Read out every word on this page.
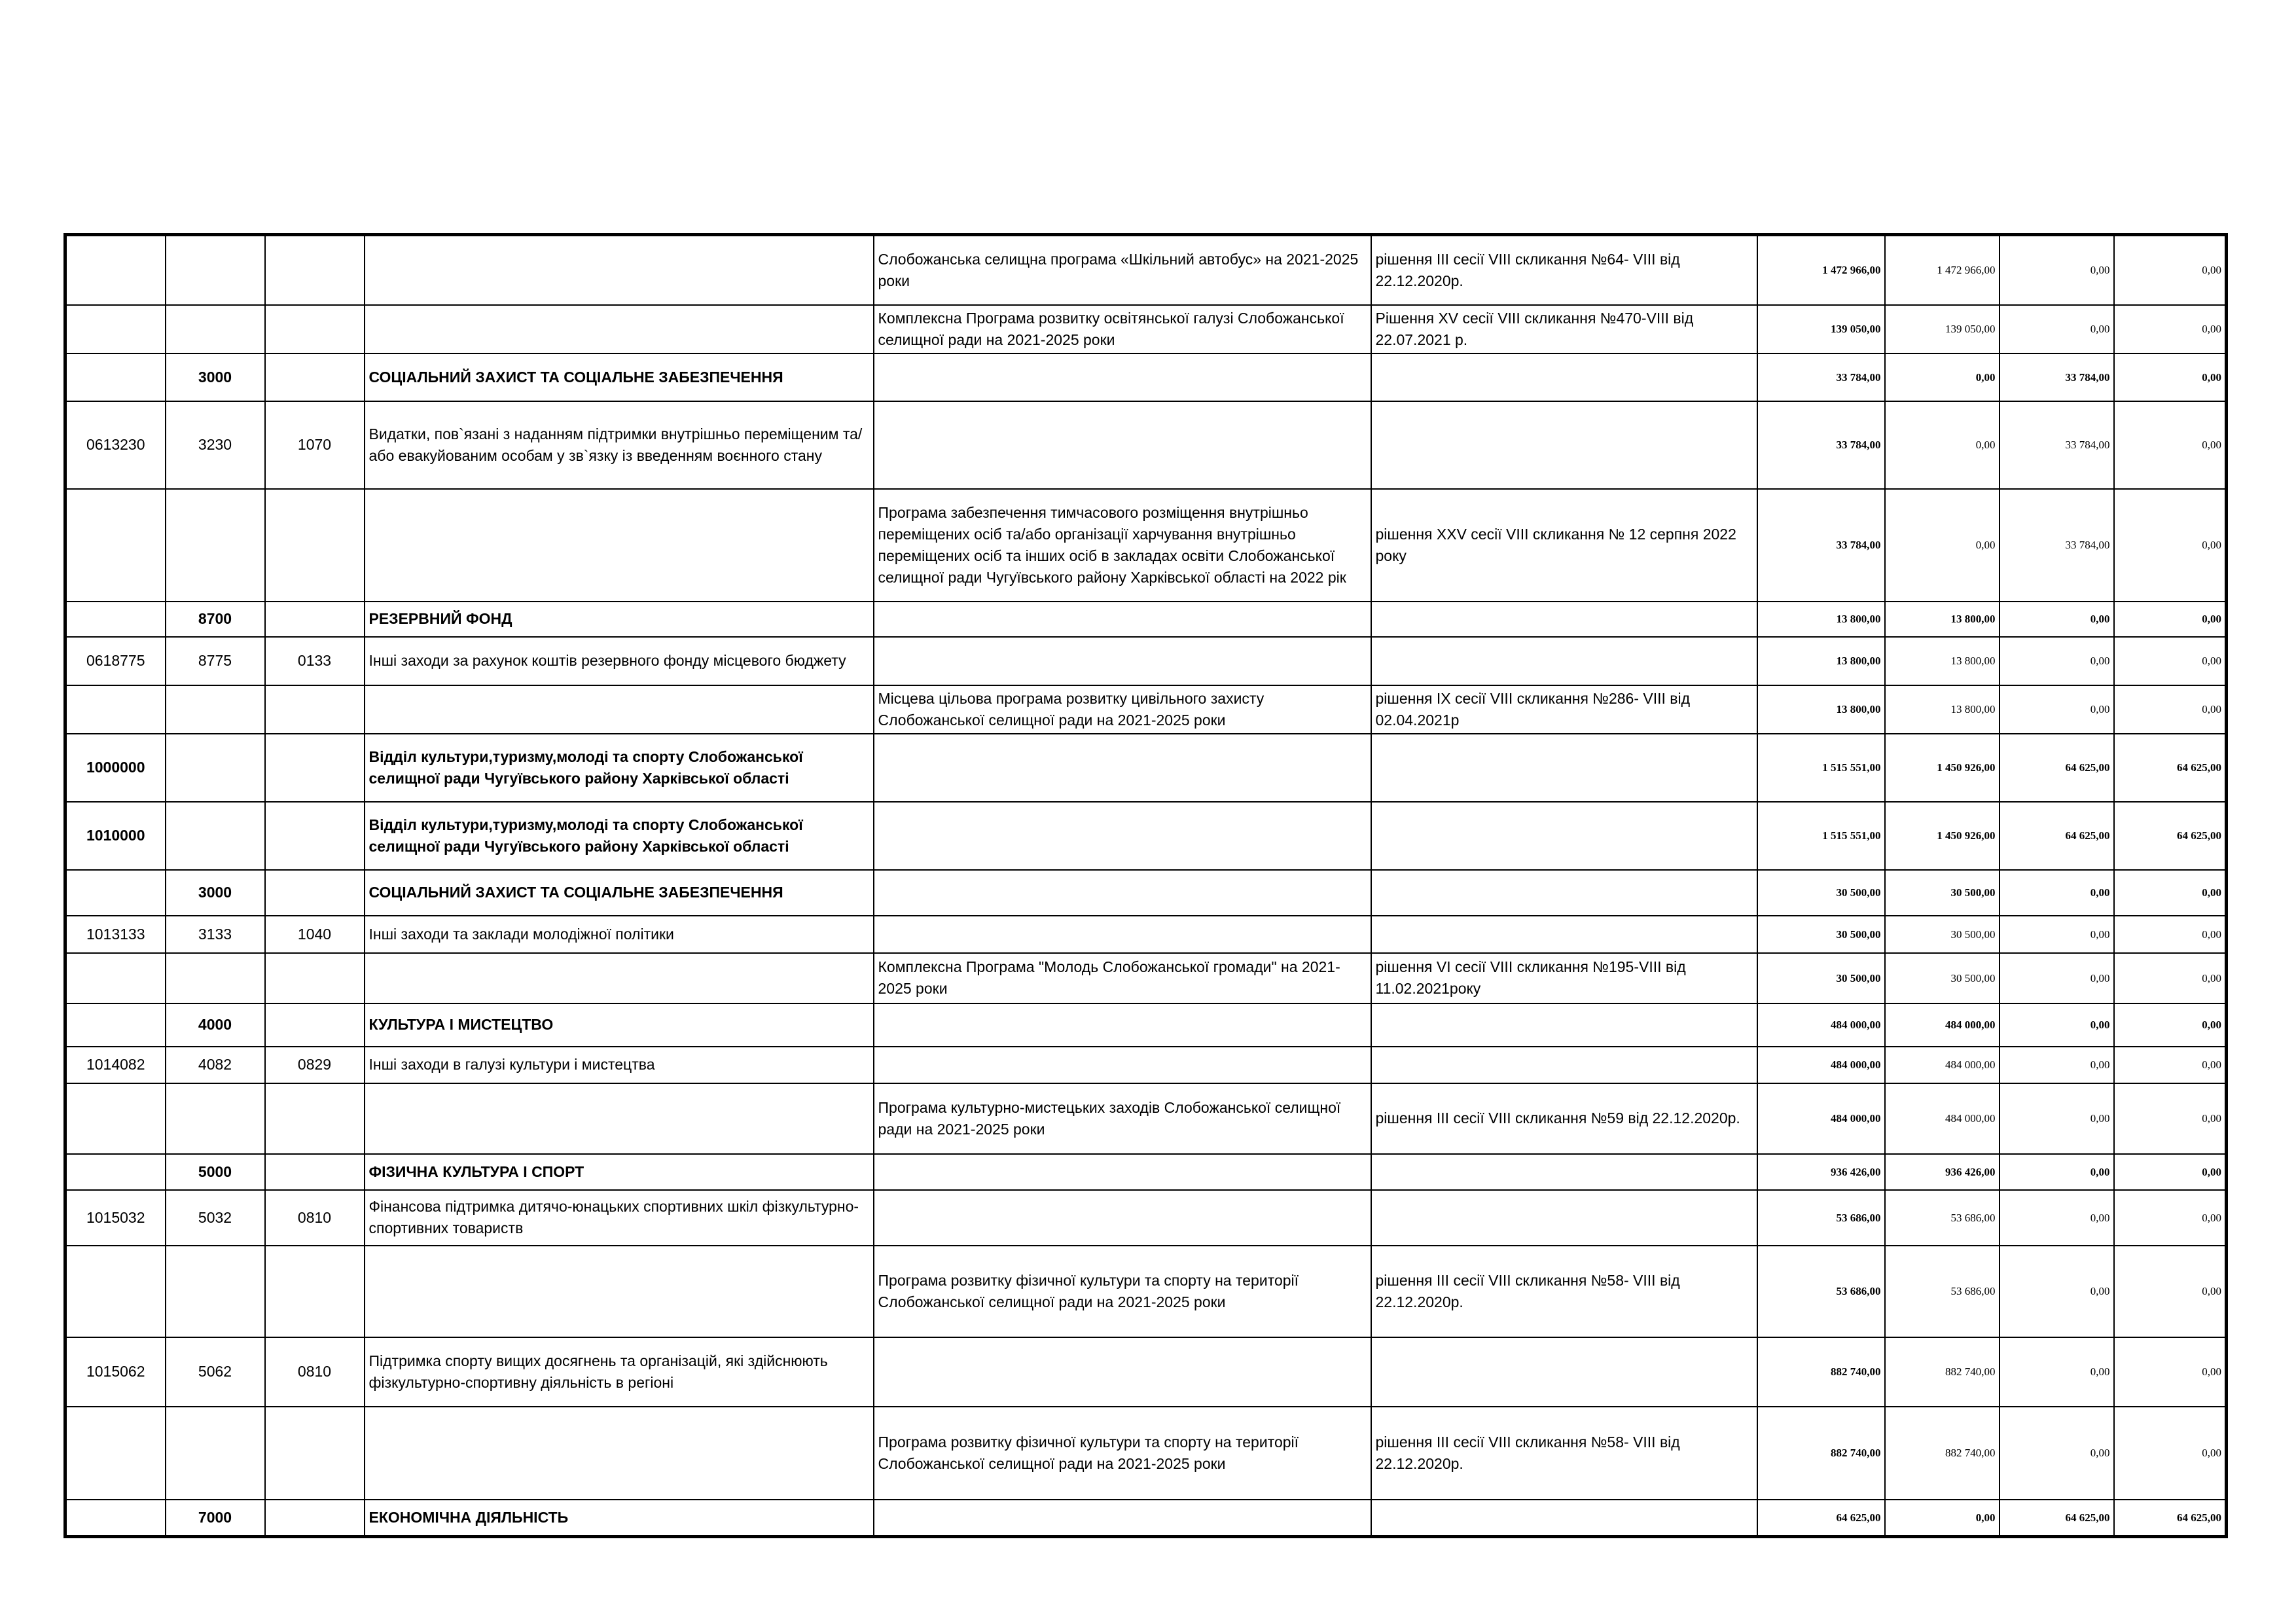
				Слобожанська селищна програма «Шкільний автобус» на 2021-2025 роки	рішення ІІІ сесії VIII скликання №64- VIII від 22.12.2020р.	1 472 966,00	1 472 966,00	0,00	0,00
				Комплексна Програма розвитку освітянської галузі Слобожанської селищної ради на 2021-2025 роки	Рішення XV сесії VIII скликання №470-VIII від 22.07.2021 р.	139 050,00	139 050,00	0,00	0,00
	3000		СОЦІАЛЬНИЙ ЗАХИСТ ТА СОЦІАЛЬНЕ ЗАБЕЗПЕЧЕННЯ			33 784,00	0,00	33 784,00	0,00
0613230	3230	1070	Видатки, пов`язані з наданням підтримки внутрішньо переміщеним та/або евакуйованим особам у зв`язку із введенням воєнного стану			33 784,00	0,00	33 784,00	0,00
				Програма забезпечення тимчасового розміщення внутрішньо переміщених осіб та/або організації харчування внутрішньо переміщених осіб та інших осіб в закладах освіти Слобожанської селищної ради Чугуївського району Харківської області на 2022 рік	рішення XXV сесії VIII скликання № 12 серпня 2022 року	33 784,00	0,00	33 784,00	0,00
	8700		РЕЗЕРВНИЙ ФОНД			13 800,00	13 800,00	0,00	0,00
0618775	8775	0133	Інші заходи за рахунок коштів резервного фонду місцевого бюджету			13 800,00	13 800,00	0,00	0,00
				Місцева цільова програма розвитку цивільного захисту Слобожанської селищної ради на 2021-2025 роки	рішення IX сесії VIII скликання №286- VIII від 02.04.2021р	13 800,00	13 800,00	0,00	0,00
1000000			Відділ культури,туризму,молоді та спорту Слобожанської селищної ради Чугуївського району Харківської області			1 515 551,00	1 450 926,00	64 625,00	64 625,00
1010000			Відділ культури,туризму,молоді та спорту Слобожанської селищної ради Чугуївського району Харківської області			1 515 551,00	1 450 926,00	64 625,00	64 625,00
	3000		СОЦІАЛЬНИЙ ЗАХИСТ ТА СОЦІАЛЬНЕ ЗАБЕЗПЕЧЕННЯ			30 500,00	30 500,00	0,00	0,00
1013133	3133	1040	Інші заходи та заклади молодіжної політики			30 500,00	30 500,00	0,00	0,00
				Комплексна Програма "Молодь Слобожанської громади" на 2021-2025 роки	рішення VI сесії VIII скликання №195-VIII від 11.02.2021року	30 500,00	30 500,00	0,00	0,00
	4000		КУЛЬТУРА І МИСТЕЦТВО			484 000,00	484 000,00	0,00	0,00
1014082	4082	0829	Інші заходи в галузі культури і мистецтва			484 000,00	484 000,00	0,00	0,00
				Програма культурно-мистецьких заходів Слобожанської селищної ради на 2021-2025 роки	рішення ІІІ сесії VIII скликання №59 від 22.12.2020р.	484 000,00	484 000,00	0,00	0,00
	5000		ФІЗИЧНА КУЛЬТУРА І СПОРТ			936 426,00	936 426,00	0,00	0,00
1015032	5032	0810	Фінансова підтримка дитячо-юнацьких спортивних шкіл фізкультурно-спортивних товариств			53 686,00	53 686,00	0,00	0,00
				Програма розвитку фізичної культури та спорту на території Слобожанської селищної ради на 2021-2025 роки	рішення ІІІ сесії VIII скликання №58- VIII від 22.12.2020р.	53 686,00	53 686,00	0,00	0,00
1015062	5062	0810	Підтримка спорту вищих досягнень та організацій, які здійснюють фізкультурно-спортивну діяльність в регіоні			882 740,00	882 740,00	0,00	0,00
				Програма розвитку фізичної культури та спорту на території Слобожанської селищної ради на 2021-2025 роки	рішення ІІІ сесії VIII скликання №58- VIII від 22.12.2020р.	882 740,00	882 740,00	0,00	0,00
	7000		ЕКОНОМІЧНА ДІЯЛЬНІСТЬ			64 625,00	0,00	64 625,00	64 625,00
